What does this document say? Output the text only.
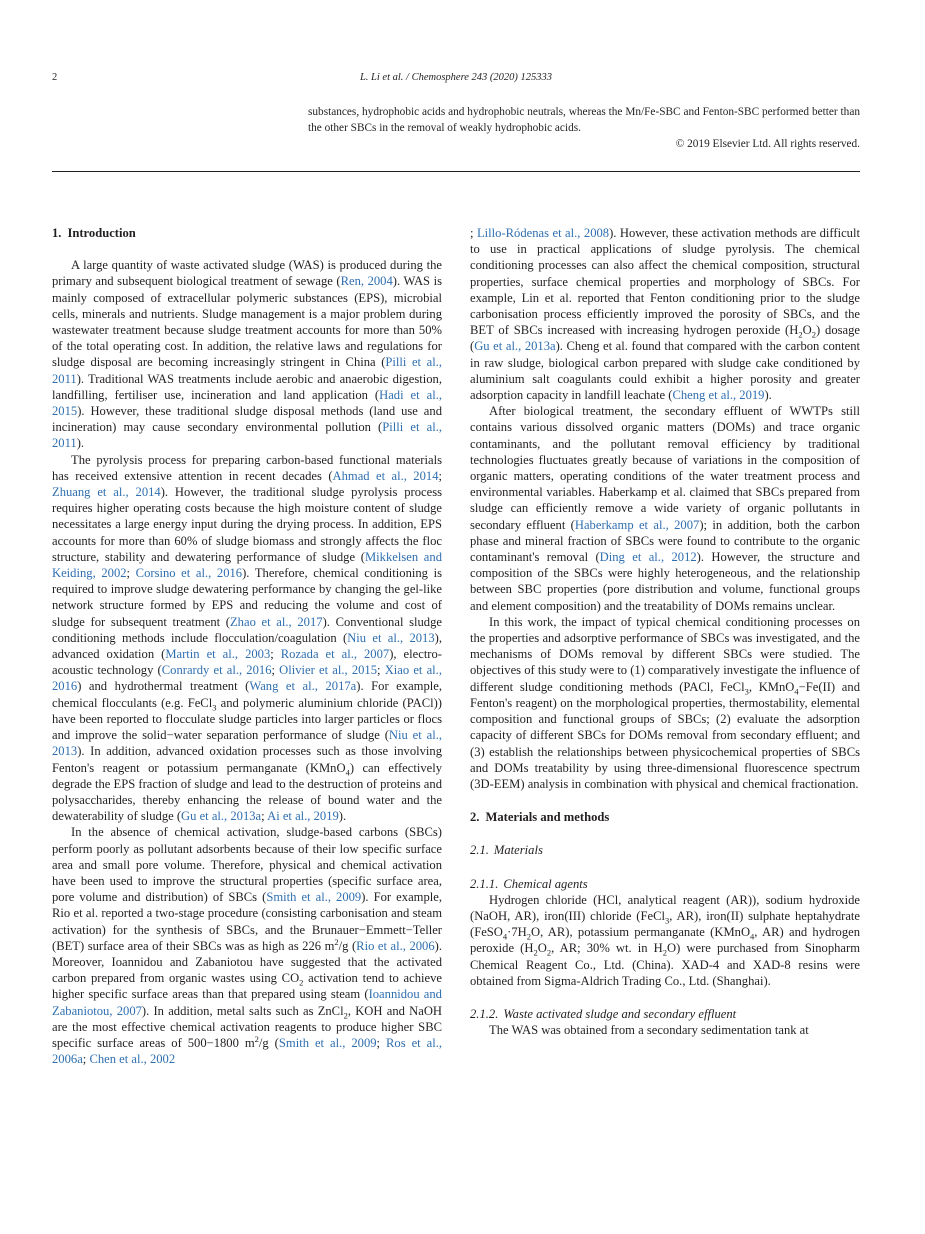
2	L. Li et al. / Chemosphere 243 (2020) 125333

substances, hydrophobic acids and hydrophobic neutrals, whereas the Mn/Fe-SBC and Fenton-SBC performed better than the other SBCs in the removal of weakly hydrophobic acids.

© 2019 Elsevier Ltd. All rights reserved.

1. Introduction

A large quantity of waste activated sludge (WAS) is produced during the primary and subsequent biological treatment of sewage (Ren, 2004). WAS is mainly composed of extracellular polymeric substances (EPS), microbial cells, minerals and nutrients. Sludge management is a major problem during wastewater treatment because sludge treatment accounts for more than 50% of the total operating cost. In addition, the relative laws and regulations for sludge disposal are becoming increasingly stringent in China (Pilli et al., 2011). Traditional WAS treatments include aerobic and anaerobic digestion, landfilling, fertiliser use, incineration and land application (Hadi et al., 2015). However, these traditional sludge disposal methods (land use and incineration) may cause secondary environmental pollution (Pilli et al., 2011).

The pyrolysis process for preparing carbon-based functional materials has received extensive attention in recent decades (Ahmad et al., 2014; Zhuang et al., 2014). However, the traditional sludge pyrolysis process requires higher operating costs because the high moisture content of sludge necessitates a large energy input during the drying process. In addition, EPS accounts for more than 60% of sludge biomass and strongly affects the floc structure, stability and dewatering performance of sludge (Mikkelsen and Keiding, 2002; Corsino et al., 2016). Therefore, chemical conditioning is required to improve sludge dewatering performance by changing the gel-like network structure formed by EPS and reducing the volume and cost of sludge for subsequent treatment (Zhao et al., 2017). Conventional sludge conditioning methods include flocculation/coagulation (Niu et al., 2013), advanced oxidation (Martin et al., 2003; Rozada et al., 2007), electro-acoustic technology (Conrardy et al., 2016; Olivier et al., 2015; Xiao et al., 2016) and hydrothermal treatment (Wang et al., 2017a). For example, chemical flocculants (e.g. FeCl$_3$ and polymeric aluminium chloride (PACl)) have been reported to flocculate sludge particles into larger particles or flocs and improve the solid−water separation performance of sludge (Niu et al., 2013). In addition, advanced oxidation processes such as those involving Fenton's reagent or potassium permanganate (KMnO$_4$) can effectively degrade the EPS fraction of sludge and lead to the destruction of proteins and polysaccharides, thereby enhancing the release of bound water and the dewaterability of sludge (Gu et al., 2013a; Ai et al., 2019).

In the absence of chemical activation, sludge-based carbons (SBCs) perform poorly as pollutant adsorbents because of their low specific surface area and small pore volume. Therefore, physical and chemical activation have been used to improve the structural properties (specific surface area, pore volume and distribution) of SBCs (Smith et al., 2009). For example, Rio et al. reported a two-stage procedure (consisting carbonisation and steam activation) for the synthesis of SBCs, and the Brunauer−Emmett−Teller (BET) surface area of their SBCs was as high as 226 $m^2/g$ (Rio et al., 2006). Moreover, Ioannidou and Zabaniotou have suggested that the activated carbon prepared from organic wastes using $CO_2$ activation tend to achieve higher specific surface areas than that prepared using steam (Ioannidou and Zabaniotou, 2007). In addition, metal salts such as ZnCl$_2$, KOH and NaOH are the most effective chemical activation reagents to produce higher SBC specific surface areas of 500−1800 $m^2/g$ (Smith et al., 2009; Ros et al., 2006a; Chen et al., 2002

; Lillo-Ródenas et al., 2008). However, these activation methods are difficult to use in practical applications of sludge pyrolysis. The chemical conditioning processes can also affect the chemical composition, structural properties, surface chemical properties and morphology of SBCs. For example, Lin et al. reported that Fenton conditioning prior to the sludge carbonisation process efficiently improved the porosity of SBCs, and the BET of SBCs increased with increasing hydrogen peroxide $(H_2O_2)$ dosage (Gu et al., 2013a). Cheng et al. found that compared with the carbon content in raw sludge, biological carbon prepared with sludge cake conditioned by aluminium salt coagulants could exhibit a higher porosity and greater adsorption capacity in landfill leachate (Cheng et al., 2019).

After biological treatment, the secondary effluent of WWTPs still contains various dissolved organic matters (DOMs) and trace organic contaminants, and the pollutant removal efficiency by traditional technologies fluctuates greatly because of variations in the composition of organic matters, operating conditions of the water treatment process and environmental variables. Haberkamp et al. claimed that SBCs prepared from sludge can efficiently remove a wide variety of organic pollutants in secondary effluent (Haberkamp et al., 2007); in addition, both the carbon phase and mineral fraction of SBCs were found to contribute to the organic contaminant's removal (Ding et al., 2012). However, the structure and composition of the SBCs were highly heterogeneous, and the relationship between SBC properties (pore distribution and volume, functional groups and element composition) and the treatability of DOMs remains unclear.

In this work, the impact of typical chemical conditioning processes on the properties and adsorptive performance of SBCs was investigated, and the mechanisms of DOMs removal by different SBCs were studied. The objectives of this study were to (1) comparatively investigate the influence of different sludge conditioning methods (PACl, FeCl$_3$, KMnO$_4$−Fe(II) and Fenton's reagent) on the morphological properties, thermostability, elemental composition and functional groups of SBCs; (2) evaluate the adsorption capacity of different SBCs for DOMs removal from secondary effluent; and (3) establish the relationships between physicochemical properties of SBCs and DOMs treatability by using three-dimensional fluorescence spectrum (3D-EEM) analysis in combination with physical and chemical fractionation.

2. Materials and methods
2.1. Materials
2.1.1. Chemical agents

Hydrogen chloride (HCl, analytical reagent (AR)), sodium hydroxide (NaOH, AR), iron(III) chloride (FeCl$_3$, AR), iron(II) sulphate heptahydrate ($FeSO_4\cdot 7H_2O$, AR), potassium permanganate (KMnO$_4$, AR) and hydrogen peroxide ($H_2O_2$, AR; 30% wt. in $H_2O$) were purchased from Sinopharm Chemical Reagent Co., Ltd. (China). XAD-4 and XAD-8 resins were obtained from Sigma-Aldrich Trading Co., Ltd. (Shanghai).

2.1.2. Waste activated sludge and secondary effluent

The WAS was obtained from a secondary sedimentation tank at
